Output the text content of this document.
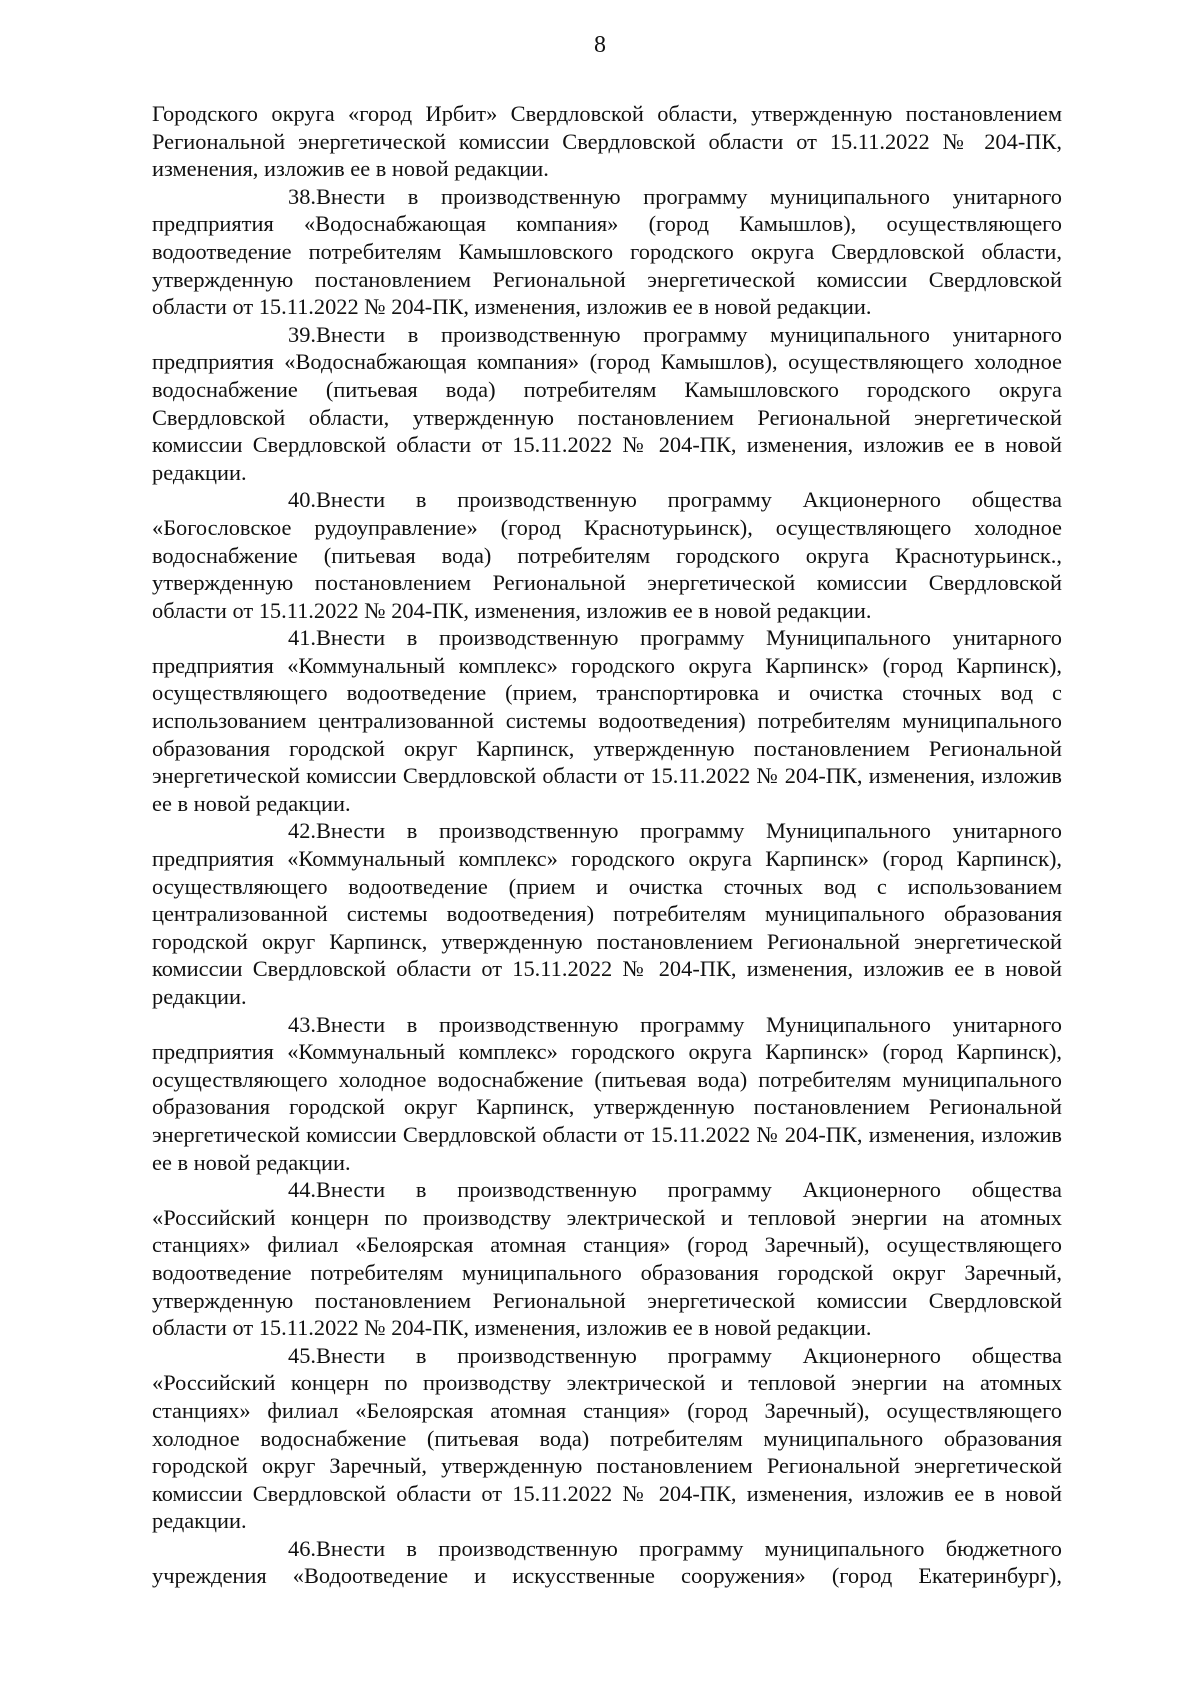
8

Городского округа «город Ирбит» Свердловской области, утвержденную постановлением Региональной энергетической комиссии Свердловской области от 15.11.2022 № 204-ПК, изменения, изложив ее в новой редакции.

38.Внести в производственную программу муниципального унитарного предприятия «Водоснабжающая компания» (город Камышлов), осуществляющего водоотведение потребителям Камышловского городского округа Свердловской области, утвержденную постановлением Региональной энергетической комиссии Свердловской области от 15.11.2022 № 204-ПК, изменения, изложив ее в новой редакции.

39.Внести в производственную программу муниципального унитарного предприятия «Водоснабжающая компания» (город Камышлов), осуществляющего холодное водоснабжение (питьевая вода) потребителям Камышловского городского округа Свердловской области, утвержденную постановлением Региональной энергетической комиссии Свердловской области от 15.11.2022 № 204-ПК, изменения, изложив ее в новой редакции.

40.Внести в производственную программу Акционерного общества «Богословское рудоуправление» (город Краснотурьинск), осуществляющего холодное водоснабжение (питьевая вода) потребителям городского округа Краснотурьинск., утвержденную постановлением Региональной энергетической комиссии Свердловской области от 15.11.2022 № 204-ПК, изменения, изложив ее в новой редакции.

41.Внести в производственную программу Муниципального унитарного предприятия «Коммунальный комплекс» городского округа Карпинск» (город Карпинск), осуществляющего водоотведение (прием, транспортировка и очистка сточных вод с использованием централизованной системы водоотведения) потребителям муниципального образования городской округ Карпинск, утвержденную постановлением Региональной энергетической комиссии Свердловской области от 15.11.2022 № 204-ПК, изменения, изложив ее в новой редакции.

42.Внести в производственную программу Муниципального унитарного предприятия «Коммунальный комплекс» городского округа Карпинск» (город Карпинск), осуществляющего водоотведение (прием и очистка сточных вод с использованием централизованной системы водоотведения) потребителям муниципального образования городской округ Карпинск, утвержденную постановлением Региональной энергетической комиссии Свердловской области от 15.11.2022 № 204-ПК, изменения, изложив ее в новой редакции.

43.Внести в производственную программу Муниципального унитарного предприятия «Коммунальный комплекс» городского округа Карпинск» (город Карпинск), осуществляющего холодное водоснабжение (питьевая вода) потребителям муниципального образования городской округ Карпинск, утвержденную постановлением Региональной энергетической комиссии Свердловской области от 15.11.2022 № 204-ПК, изменения, изложив ее в новой редакции.

44.Внести в производственную программу Акционерного общества «Российский концерн по производству электрической и тепловой энергии на атомных станциях» филиал «Белоярская атомная станция» (город Заречный), осуществляющего водоотведение потребителям муниципального образования городской округ Заречный, утвержденную постановлением Региональной энергетической комиссии Свердловской области от 15.11.2022 № 204-ПК, изменения, изложив ее в новой редакции.

45.Внести в производственную программу Акционерного общества «Российский концерн по производству электрической и тепловой энергии на атомных станциях» филиал «Белоярская атомная станция» (город Заречный), осуществляющего холодное водоснабжение (питьевая вода) потребителям муниципального образования городской округ Заречный, утвержденную постановлением Региональной энергетической комиссии Свердловской области от 15.11.2022 № 204-ПК, изменения, изложив ее в новой редакции.

46.Внести в производственную программу муниципального бюджетного учреждения «Водоотведение и искусственные сооружения» (город Екатеринбург),
